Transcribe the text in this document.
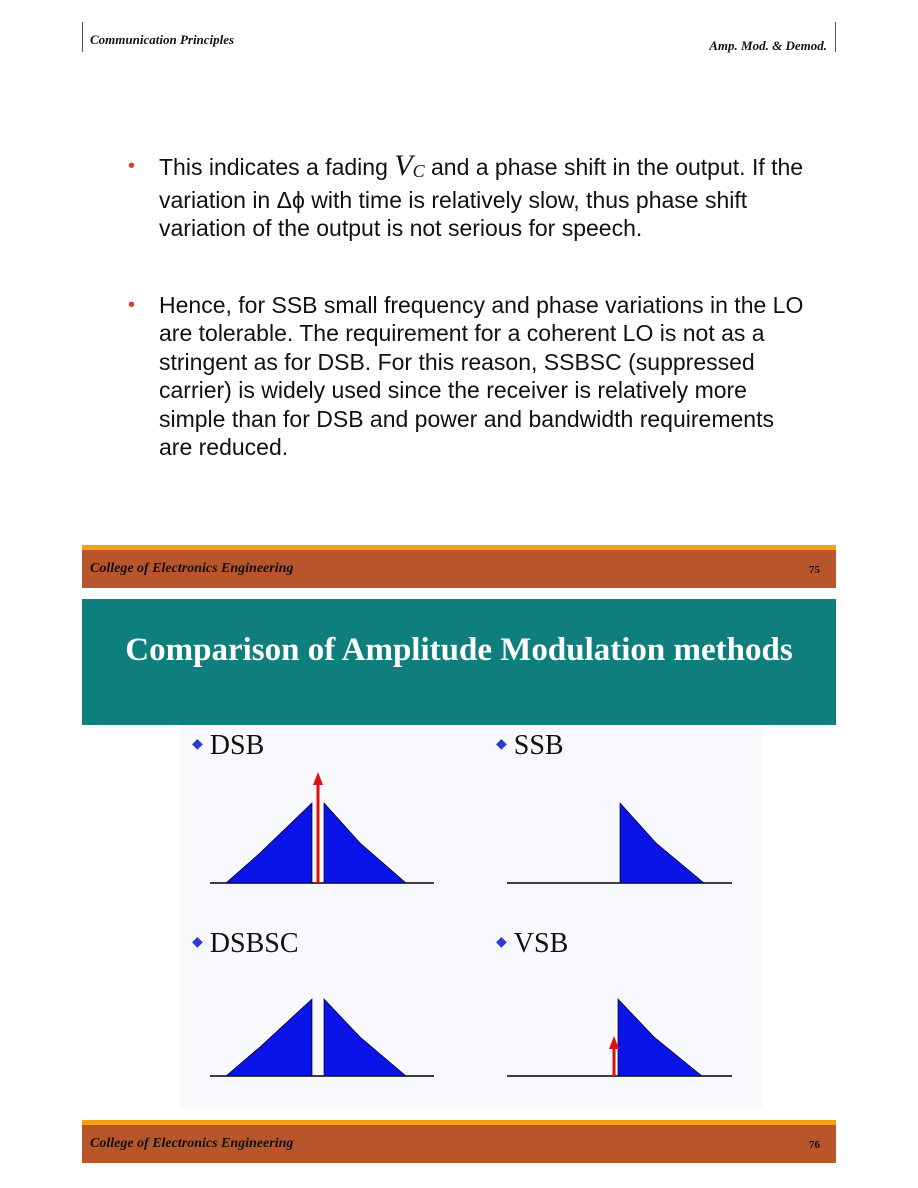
Communication Principles	Amp. Mod. & Demod.
• This indicates a fading $V_C$ and a phase shift in the output. If the variation in Δϕ with time is relatively slow, thus phase shift variation of the output is not serious for speech.
• Hence, for SSB small frequency and phase variations in the LO are tolerable. The requirement for a coherent LO is not as a stringent as for DSB. For this reason, SSBSC (suppressed carrier) is widely used since the receiver is relatively more simple than for DSB and power and bandwidth requirements are reduced.
College of Electronics Engineering	75
Comparison of Amplitude Modulation methods
◆ DSB	◆ SSB
◆ DSBSC	◆ VSB
College of Electronics Engineering	76
